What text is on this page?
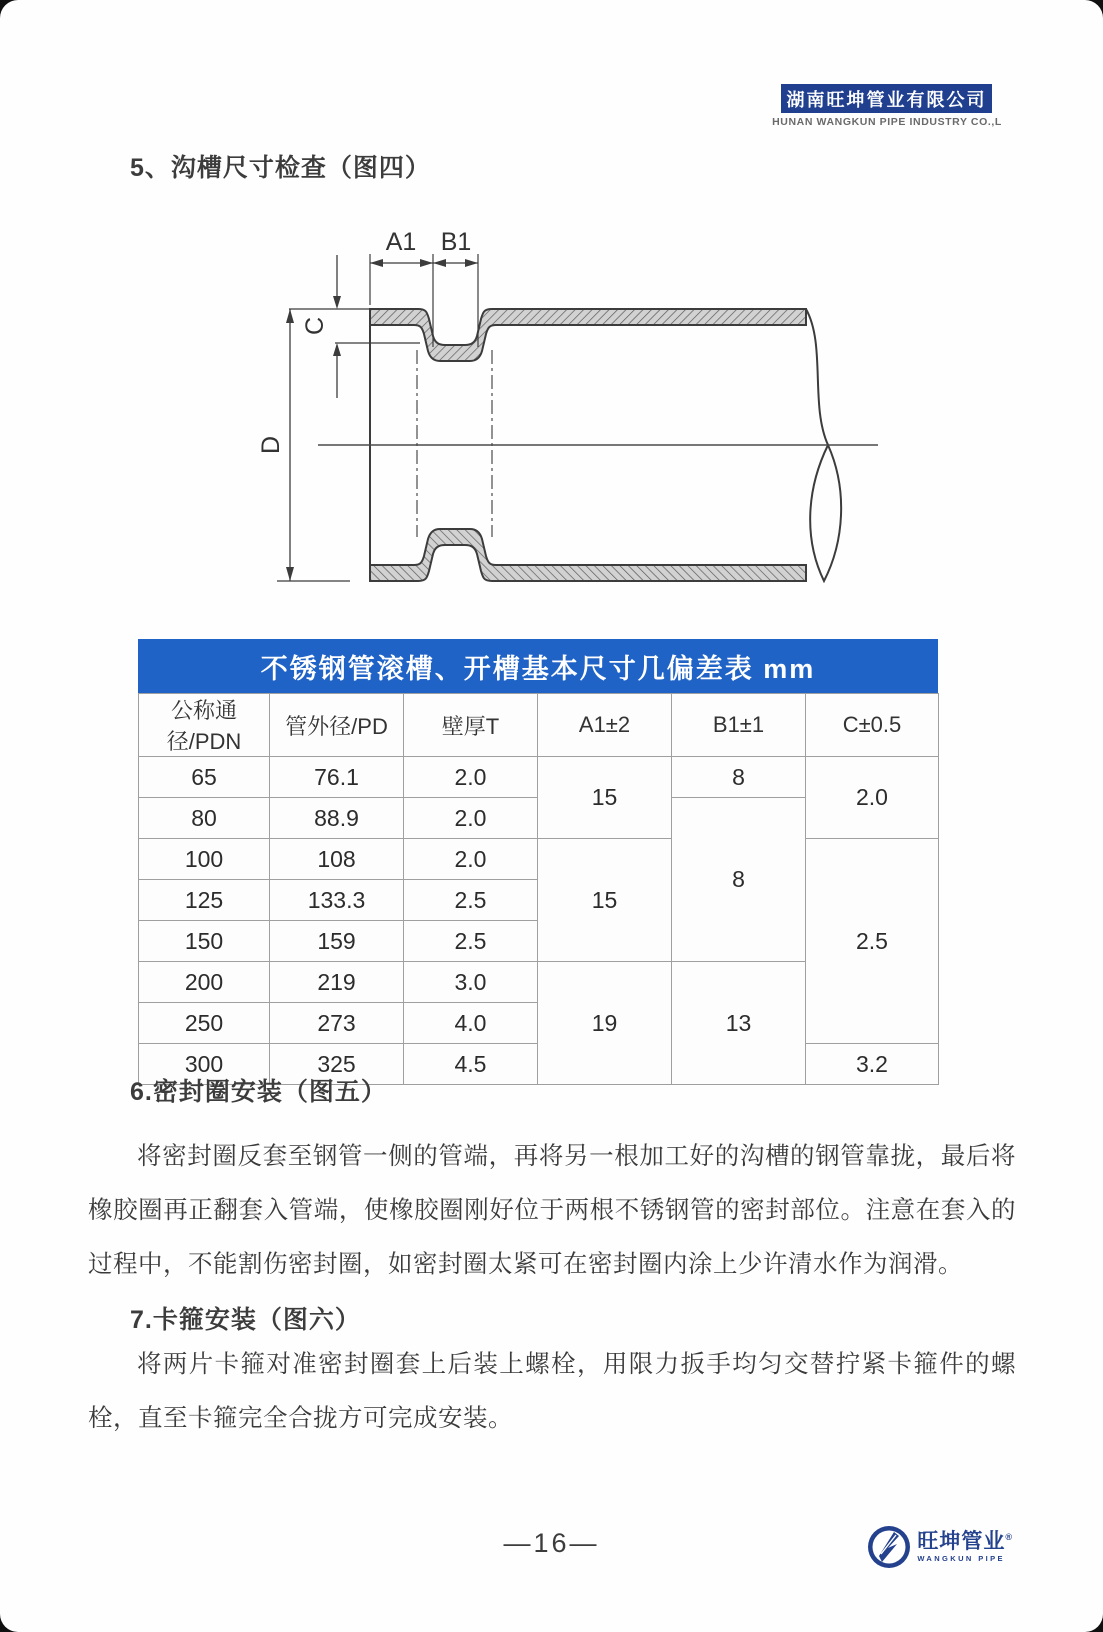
湖南旺坤管业有限公司
HUNAN WANGKUN PIPE INDUSTRY CO.,L
5、沟槽尺寸检查（图四）
A1 B1
C
D
不锈钢管滚槽、开槽基本尺寸几偏差表 mm
公称通径/PDN	管外径/PD	壁厚T	A1±2	B1±1	C±0.5
65	76.1	2.0	15	8	2.0
80	88.9	2.0		8	
100	108	2.0	15		2.5
125	133.3	2.5			
150	159	2.5			
200	219	3.0	19	13	
250	273	4.0			
300	325	4.5			3.2
6.密封圈安装（图五）
将密封圈反套至钢管一侧的管端，再将另一根加工好的沟槽的钢管靠拢，最后将橡胶圈再正翻套入管端，使橡胶圈刚好位于两根不锈钢管的密封部位。注意在套入的过程中，不能割伤密封圈，如密封圈太紧可在密封圈内涂上少许清水作为润滑。
7.卡箍安装（图六）
将两片卡箍对准密封圈套上后装上螺栓，用限力扳手均匀交替拧紧卡箍件的螺栓，直至卡箍完全合拢方可完成安装。
—16—	旺坤管业®
WANGKUN PIPE
